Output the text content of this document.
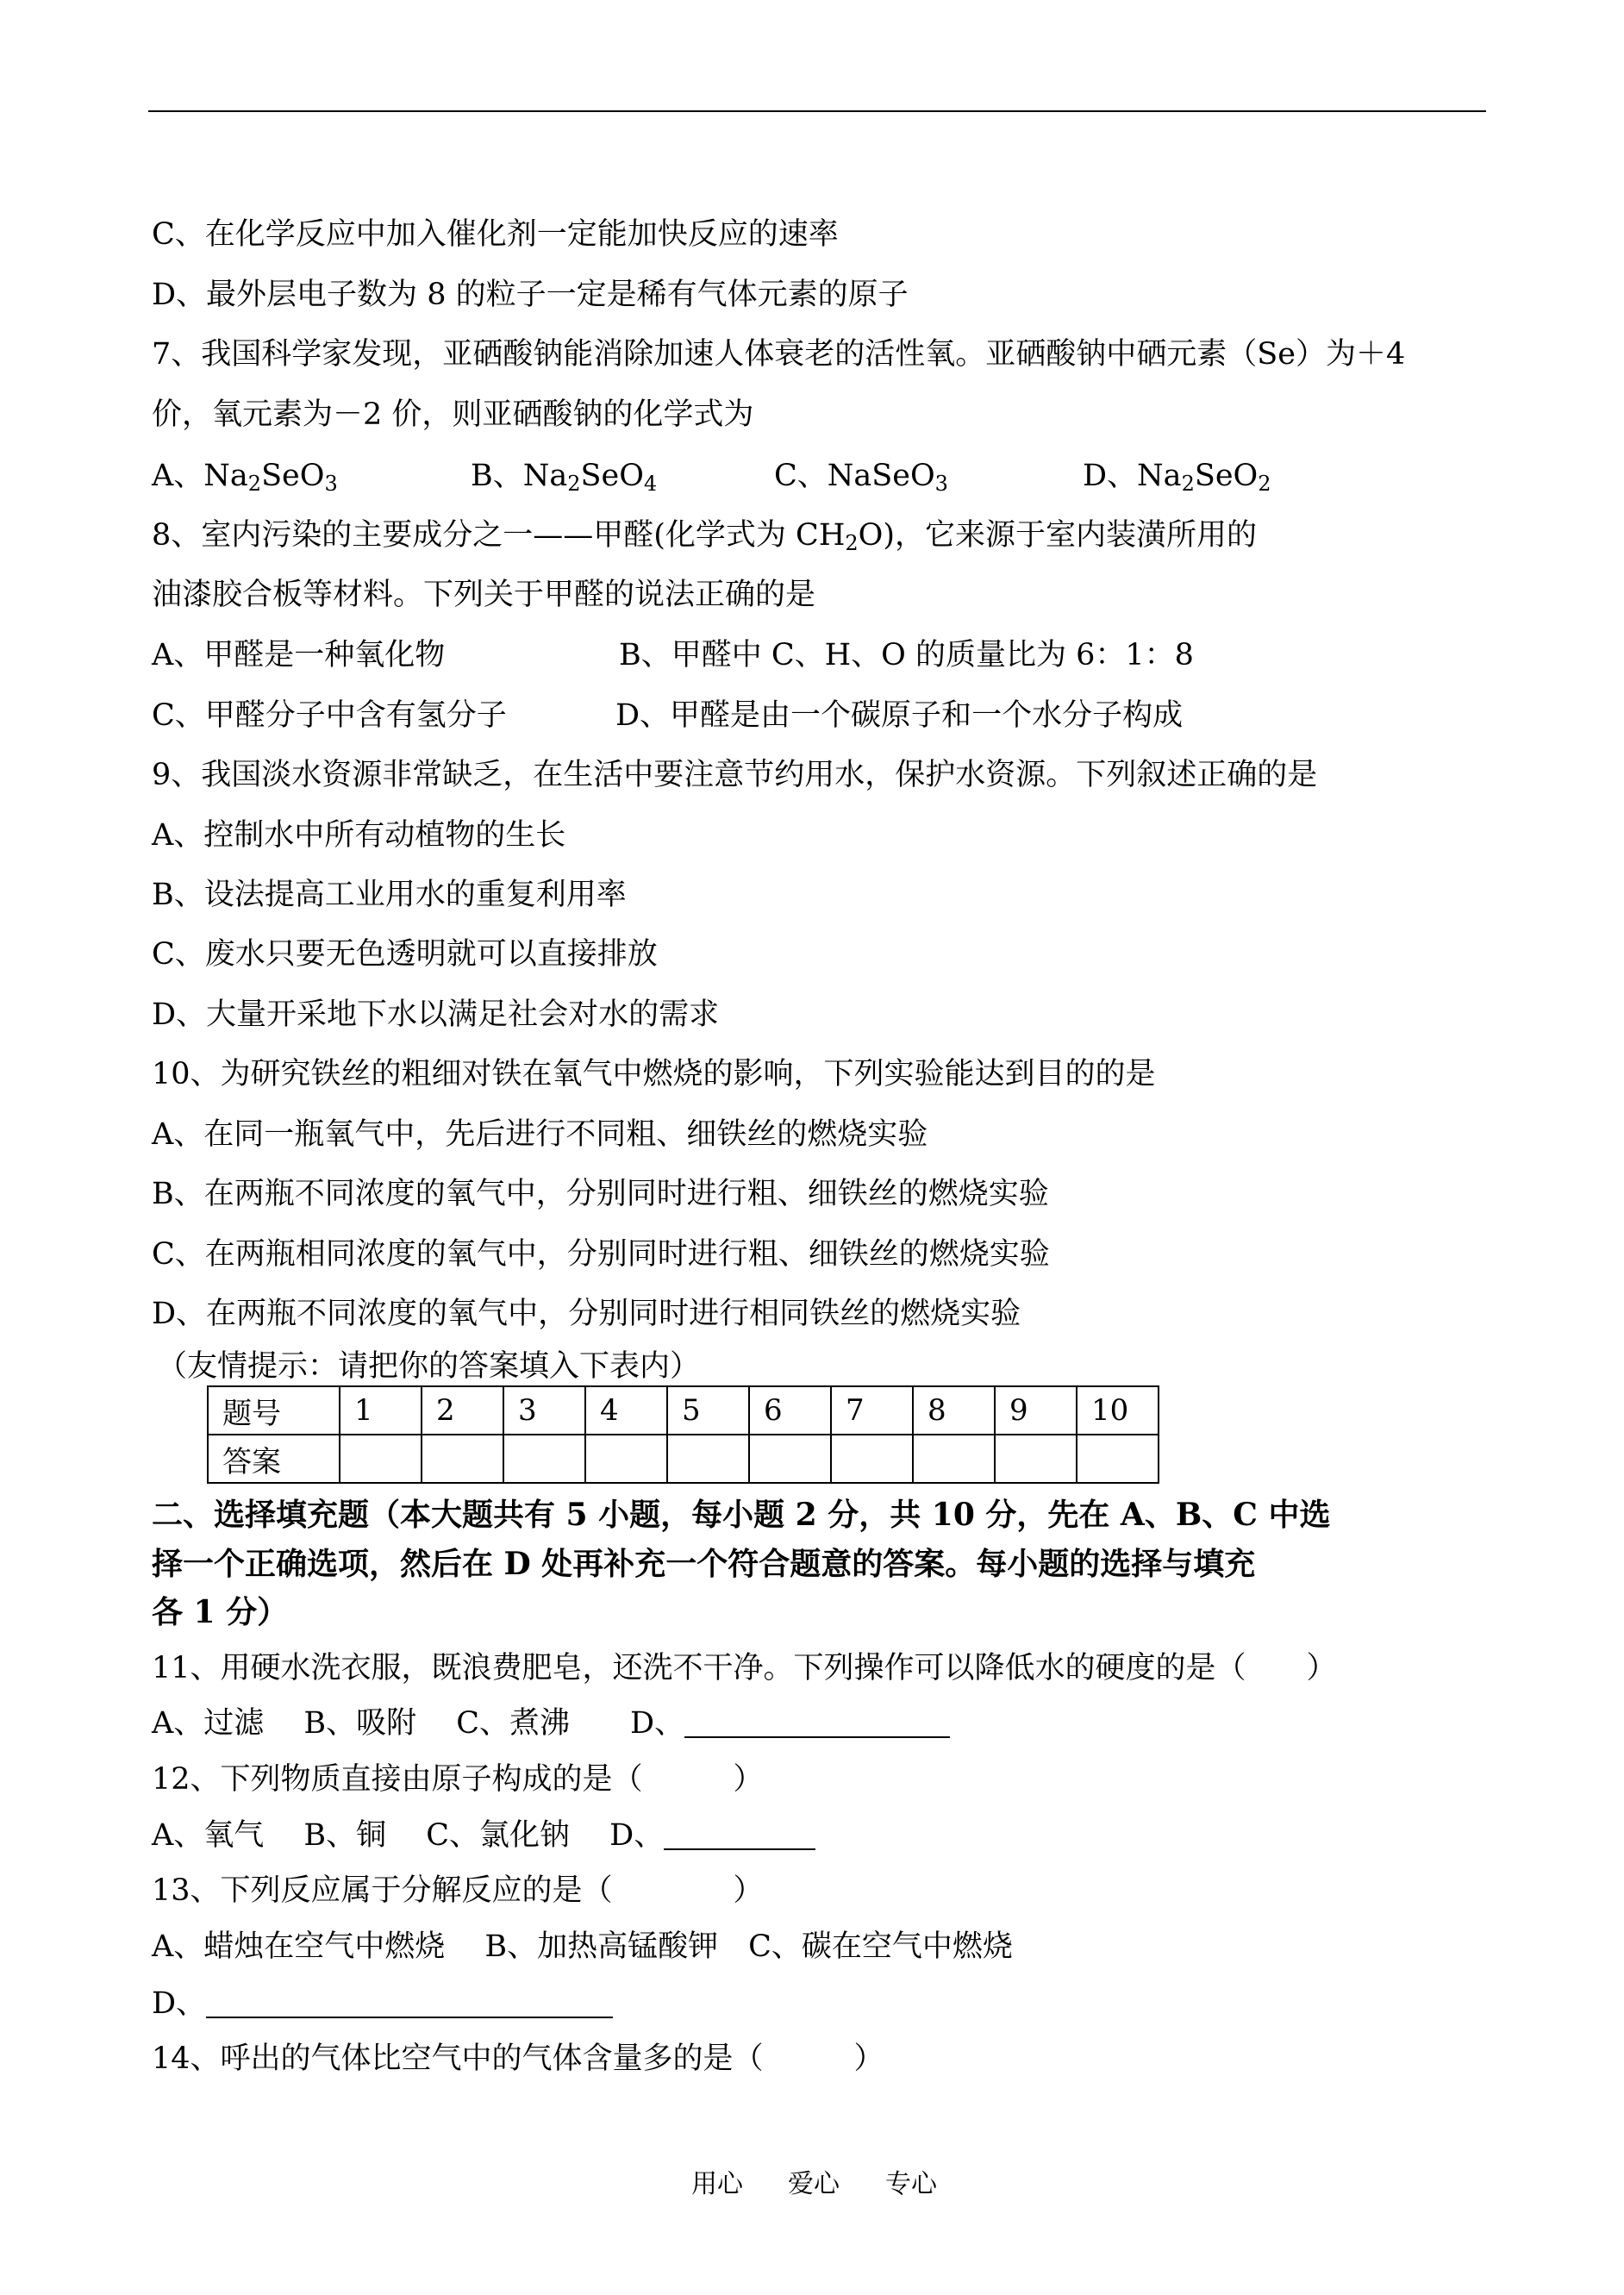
C、在化学反应中加入催化剂一定能加快反应的速率
D、最外层电子数为 8 的粒子一定是稀有气体元素的原子
7、我国科学家发现，亚硒酸钠能消除加速人体衰老的活性氧。亚硒酸钠中硒元素（Se）为＋4
价，氧元素为－2 价，则亚硒酸钠的化学式为
A、$Na_2SeO_3$	B、$Na_2SeO_4$	C、NaSeO$_3$	D、$Na_2SeO_2$
8、室内污染的主要成分之一——甲醛(化学式为 $CH_2O$)，它来源于室内装潢所用的
油漆胶合板等材料。下列关于甲醛的说法正确的是
A、甲醛是一种氧化物	B、甲醛中 C、H、O 的质量比为 6：1：8
C、甲醛分子中含有氢分子	D、甲醛是由一个碳原子和一个水分子构成
9、我国淡水资源非常缺乏，在生活中要注意节约用水，保护水资源。下列叙述正确的是
A、控制水中所有动植物的生长
B、设法提高工业用水的重复利用率
C、废水只要无色透明就可以直接排放
D、大量开采地下水以满足社会对水的需求
10、为研究铁丝的粗细对铁在氧气中燃烧的影响，下列实验能达到目的的是
A、在同一瓶氧气中，先后进行不同粗、细铁丝的燃烧实验
B、在两瓶不同浓度的氧气中，分别同时进行粗、细铁丝的燃烧实验
C、在两瓶相同浓度的氧气中，分别同时进行粗、细铁丝的燃烧实验
D、在两瓶不同浓度的氧气中，分别同时进行相同铁丝的燃烧实验
（友情提示：请把你的答案填入下表内）
题号	1	2	3	4	5	6	7	8	9	10
答案										
二、选择填充题（本大题共有 5 小题，每小题 2 分，共 10 分，先在 A、B、C 中选
择一个正确选项，然后在 D 处再补充一个符合题意的答案。每小题的选择与填充
各 1 分）
11、用硬水洗衣服，既浪费肥皂，还洗不干净。下列操作可以降低水的硬度的是（　　）
A、过滤　 B、吸附　 C、煮沸　　D、
12、下列物质直接由原子构成的是（　　　）
A、氧气　 B、铜　 C、氯化钠　 D、
13、下列反应属于分解反应的是（　　　　）
A、蜡烛在空气中燃烧　 B、加热高锰酸钾　C、碳在空气中燃烧
D、
14、呼出的气体比空气中的气体含量多的是（　　　）
用心 爱心 专心
